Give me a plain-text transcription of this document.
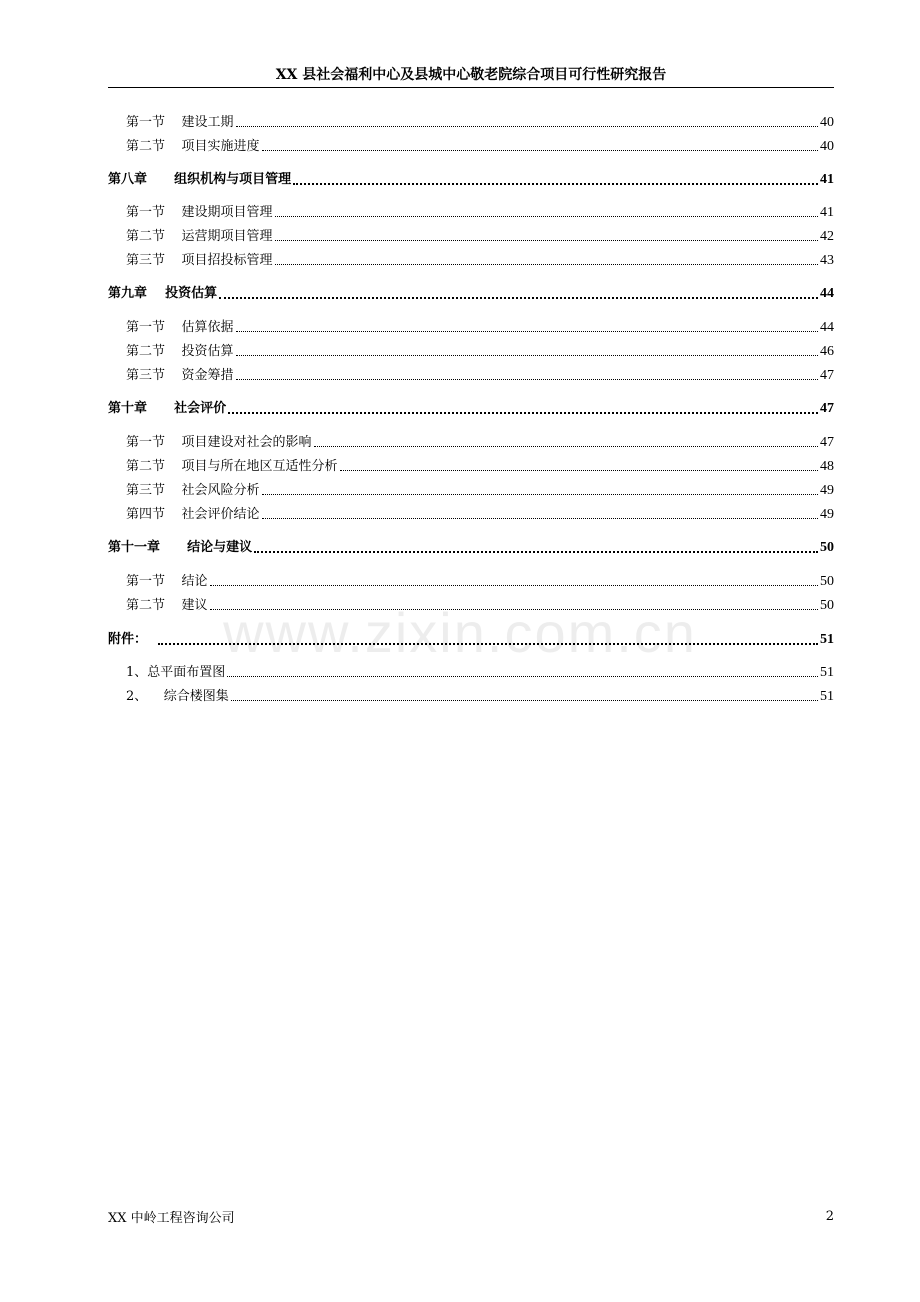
XX 县社会福利中心及县城中心敬老院综合项目可行性研究报告
第一节    建设工期	40
第二节    项目实施进度	40
第八章      组织机构与项目管理	41
第一节    建设期项目管理	41
第二节    运营期项目管理	42
第三节    项目招投标管理	43
第九章    投资估算	44
第一节    估算依据	44
第二节    投资估算	46
第三节    资金筹措	47
第十章      社会评价	47
第一节    项目建设对社会的影响	47
第二节    项目与所在地区互适性分析	48
第三节    社会风险分析	49
第四节    社会评价结论	49
第十一章      结论与建议	50
第一节    结论	50
第二节    建议	50
附件：	51
1、总平面布置图	51
2、    综合楼图集	51
www.zixin.com.cn
XX 中岭工程咨询公司	2
